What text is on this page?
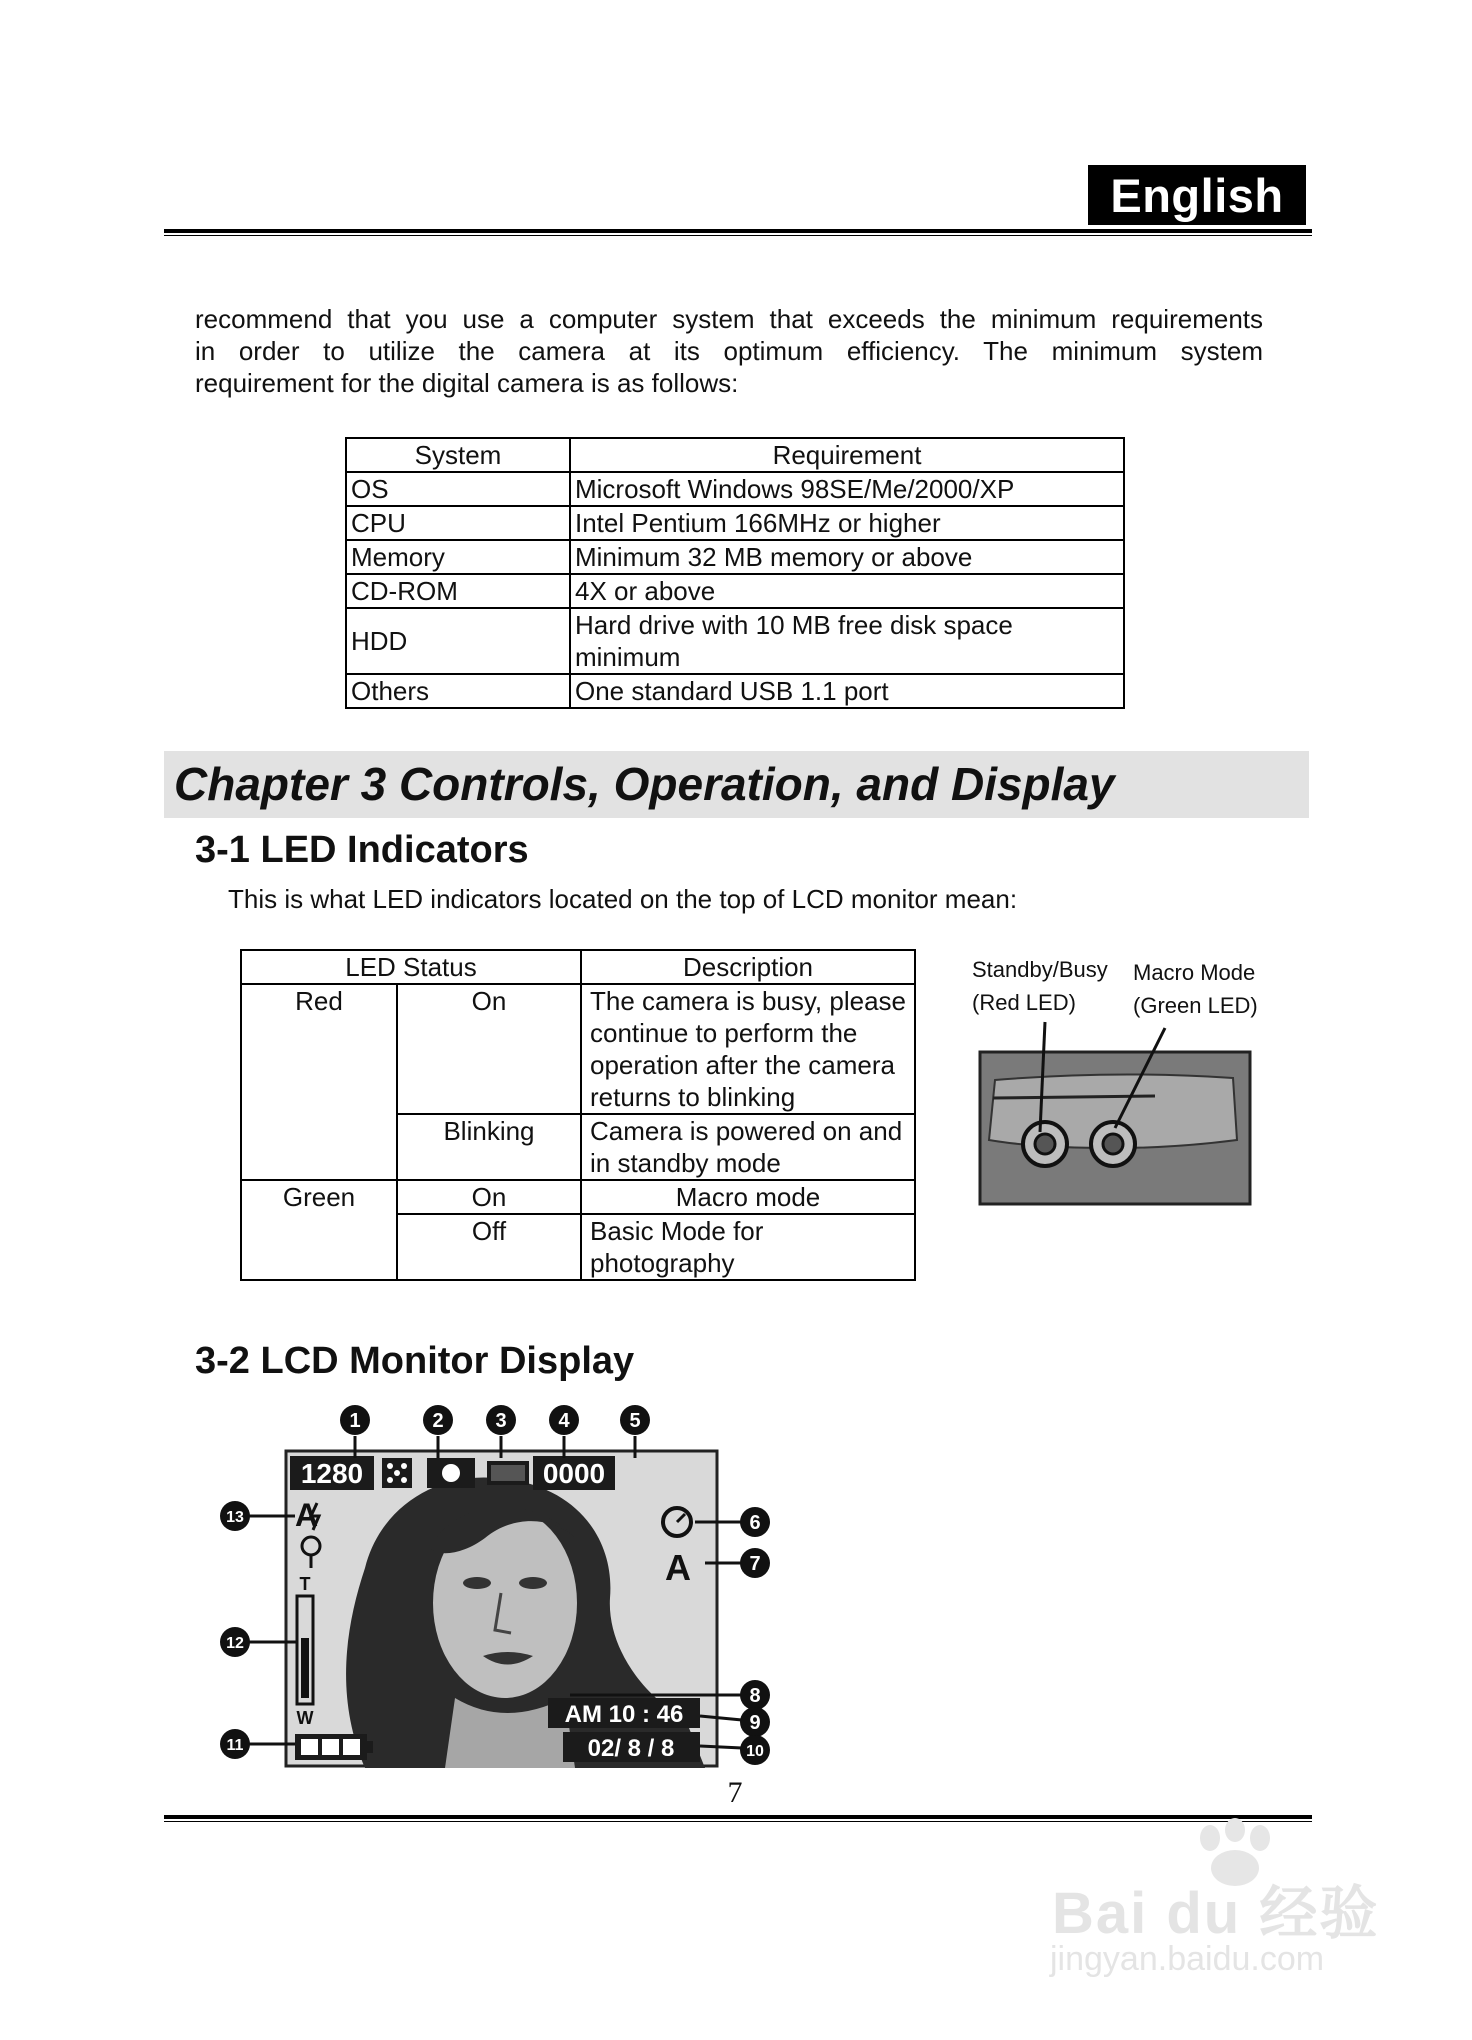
English
recommend that you use a computer system that exceeds the minimum requirements
in order to utilize the camera at its optimum efficiency. The minimum system
requirement for the digital camera is as follows:
System	Requirement
OS	Microsoft Windows 98SE/Me/2000/XP
CPU	Intel Pentium 166MHz or higher
Memory	Minimum 32 MB memory or above
CD-ROM	4X or above
HDD	Hard drive with 10 MB free disk space minimum
Others	One standard USB 1.1 port
Chapter 3 Controls, Operation, and Display
3-1 LED Indicators
This is what LED indicators located on the top of LCD monitor mean:
LED Status		Description
Red	On	The camera is busy, please continue to perform the operation after the camera returns to blinking
	Blinking	Camera is powered on and in standby mode
Green	On	Macro mode
	Off	Basic Mode for photography
Standby/Busy
(Red LED)
Macro Mode
(Green LED)
3-2 LCD Monitor Display
1280	0000
A
T
W
A
AM 10 : 46
02/ 8 / 8
1	2	3	4	5
6
7
8
9
10
11
12
13
7
Bai du 经验
jingyan.baidu.com
